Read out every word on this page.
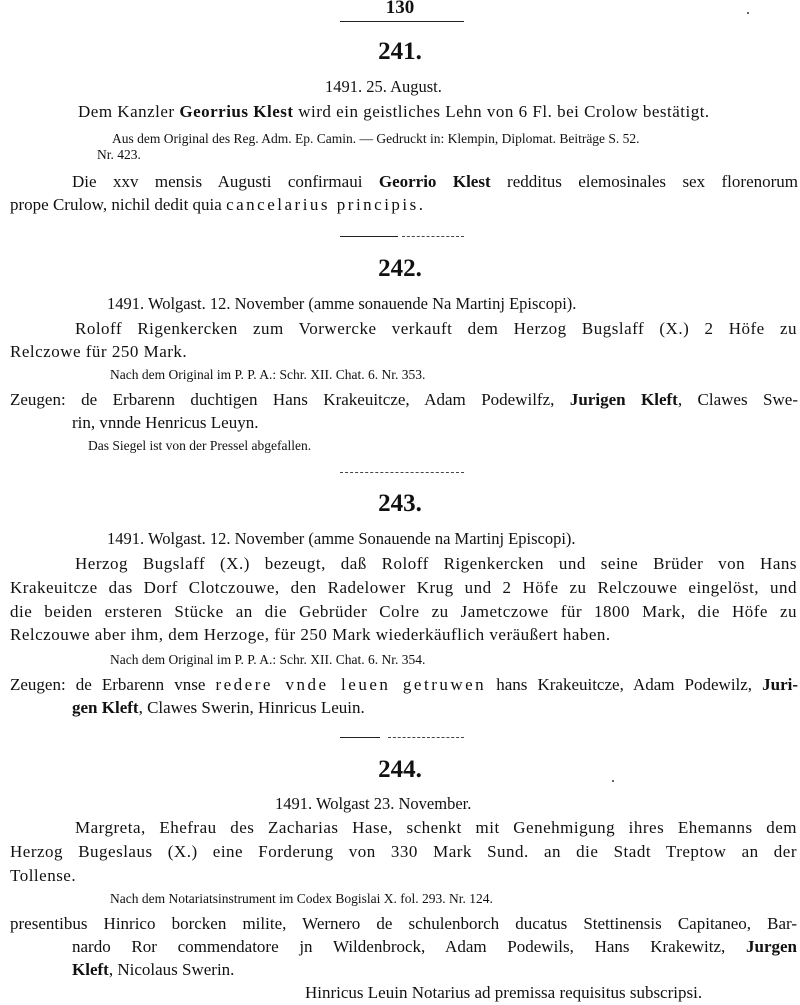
130
241.
1491. 25. August.
Dem Kanzler Georrius Klest wird ein geistliches Lehn von 6 Fl. bei Crolow bestätigt.
Aus dem Original des Reg. Adm. Ep. Camin. — Gedruckt in: Klempin, Diplomat. Beiträge S. 52.
Nr. 423.
Die xxv mensis Augusti confirmaui Georrio Klest redditus elemosinales sex florenorum
prope Crulow, nichil dedit quia cancelarius principis.
242.
1491. Wolgast. 12. November (amme sonauende Na Martinj Episcopi).
Roloff Rigenkercken zum Vorwercke verkauft dem Herzog Bugslaff (X.) 2 Höfe zu
Relczowe für 250 Mark.
Nach dem Original im P. P. A.: Schr. XII. Chat. 6. Nr. 353.
Zeugen: de Erbarenn duchtigen Hans Krakeuitcze, Adam Podewilfz, Jurigen Kleft, Clawes Swe-
rin, vnnde Henricus Leuyn.
Das Siegel ist von der Pressel abgefallen.
243.
1491. Wolgast. 12. November (amme Sonauende na Martinj Episcopi).
Herzog Bugslaff (X.) bezeugt, daß Roloff Rigenkercken und seine Brüder von Hans
Krakeuitcze das Dorf Clotczouwe, den Radelower Krug und 2 Höfe zu Relczouwe eingelöst, und
die beiden ersteren Stücke an die Gebrüder Colre zu Jametczowe für 1800 Mark, die Höfe zu
Relczouwe aber ihm, dem Herzoge, für 250 Mark wiederkäuflich veräußert haben.
Nach dem Original im P. P. A.: Schr. XII. Chat. 6. Nr. 354.
Zeugen: de Erbarenn vnse redere vnde leuen getruwen hans Krakeuitcze, Adam Podewilz, Juri-
gen Kleft, Clawes Swerin, Hinricus Leuin.
244.
1491. Wolgast 23. November.
Margreta, Ehefrau des Zacharias Hase, schenkt mit Genehmigung ihres Ehemanns dem
Herzog Bugeslaus (X.) eine Forderung von 330 Mark Sund. an die Stadt Treptow an der
Tollense.
Nach dem Notariatsinstrument im Codex Bogislai X. fol. 293. Nr. 124.
presentibus Hinrico borcken milite, Wernero de schulenborch ducatus Stettinensis Capitaneo, Bar-
nardo Ror commendatore jn Wildenbrock, Adam Podewils, Hans Krakewitz, Jurgen
Kleft, Nicolaus Swerin.
Hinricus Leuin Notarius ad premissa requisitus subscripsi.
